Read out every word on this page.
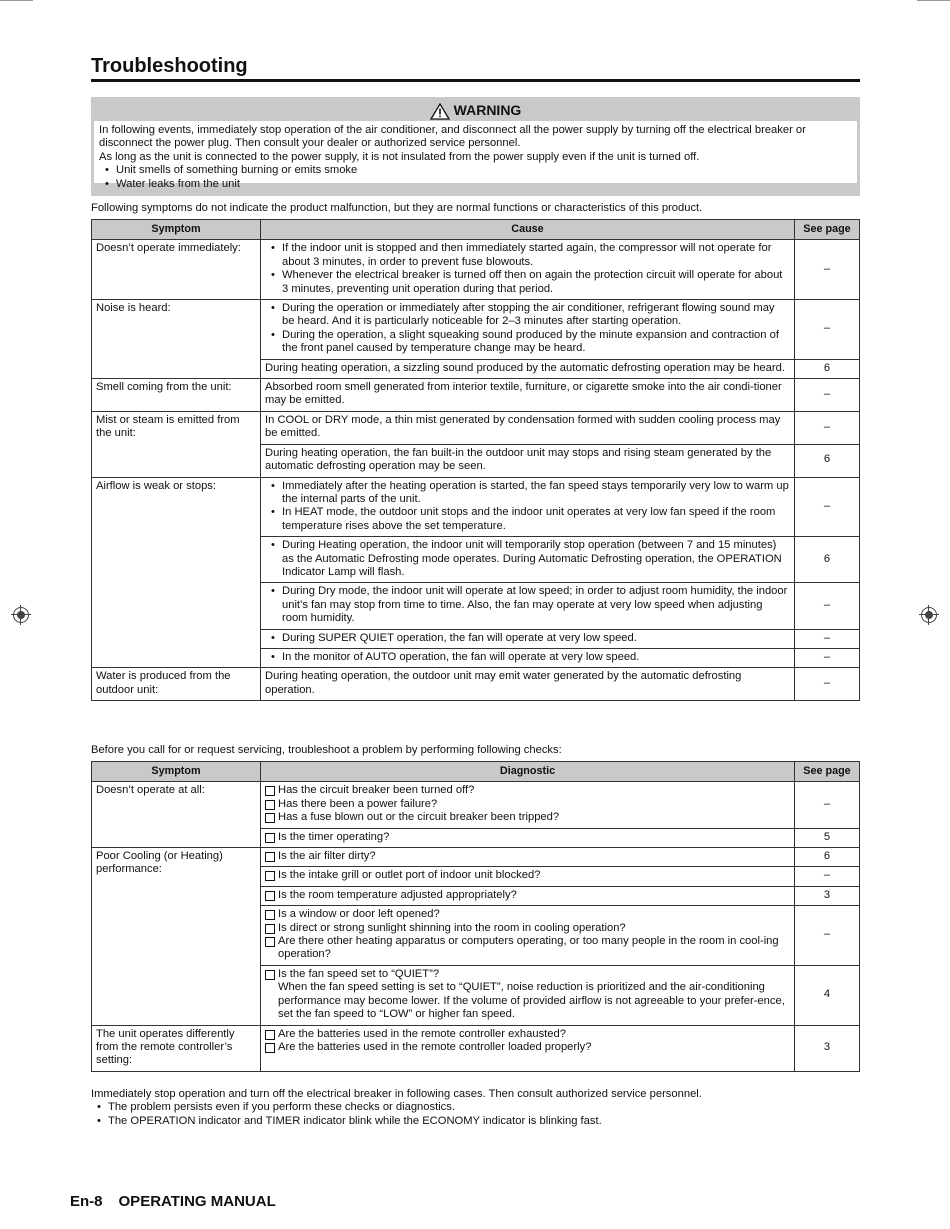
Troubleshooting
WARNING
In following events, immediately stop operation of the air conditioner, and disconnect all the power supply by turning off the electrical breaker or disconnect the power plug. Then consult your dealer or authorized service personnel.
As long as the unit is connected to the power supply, it is not insulated from the power supply even if the unit is turned off.
• Unit smells of something burning or emits smoke
• Water leaks from the unit
Following symptoms do not indicate the product malfunction, but they are normal functions or characteristics of this product.
Symptom	Cause	See page
Doesn’t operate immediately:	• If the indoor unit is stopped and then immediately started again, the compressor will not operate for about 3 minutes, in order to prevent fuse blowouts.
• Whenever the electrical breaker is turned off then on again the protection circuit will operate for about 3 minutes, preventing unit operation during that period.	–
Noise is heard:	• During the operation or immediately after stopping the air conditioner, refrigerant flowing sound may be heard. And it is particularly noticeable for 2–3 minutes after starting operation.
• During the operation, a slight squeaking sound produced by the minute expansion and contraction of the front panel caused by temperature change may be heard.	–

	During heating operation, a sizzling sound produced by the automatic defrosting operation may be heard.	6
Smell coming from the unit:	Absorbed room smell generated from interior textile, furniture, or cigarette smoke into the air condi-tioner may be emitted.	–
Mist or steam is emitted from the unit:	In COOL or DRY mode, a thin mist generated by condensation formed with sudden cooling process may be emitted.	–

	During heating operation, the fan built-in the outdoor unit may stops and rising steam generated by the automatic defrosting operation may be seen.	6
Airflow is weak or stops:	• Immediately after the heating operation is started, the fan speed stays temporarily very low to warm up the internal parts of the unit.
• In HEAT mode, the outdoor unit stops and the indoor unit operates at very low fan speed if the room temperature rises above the set temperature.	–

	• During Heating operation, the indoor unit will temporarily stop operation (between 7 and 15 minutes) as the Automatic Defrosting mode operates. During Automatic Defrosting operation, the OPERATION Indicator Lamp will flash.	6

	• During Dry mode, the indoor unit will operate at low speed; in order to adjust room humidity, the indoor unit’s fan may stop from time to time. Also, the fan may operate at very low speed when adjusting room humidity.	–

	• During SUPER QUIET operation, the fan will operate at very low speed.	–

	• In the monitor of AUTO operation, the fan will operate at very low speed.	–
Water is produced from the outdoor unit:	During heating operation, the outdoor unit may emit water generated by the automatic defrosting operation.	–
Before you call for or request servicing, troubleshoot a problem by performing following checks:
Symptom	Diagnostic	See page
Doesn’t operate at all:	Has the circuit breaker been turned off?
Has there been a power failure?
Has a fuse blown out or the circuit breaker been tripped?	–

	Is the timer operating?	5
Poor Cooling (or Heating) performance:	Is the air filter dirty?	6

	Is the intake grill or outlet port of indoor unit blocked?	–

	Is the room temperature adjusted appropriately?	3

	Is a window or door left opened?
Is direct or strong sunlight shinning into the room in cooling operation?
Are there other heating apparatus or computers operating, or too many people in the room in cool-ing operation?	–

	Is the fan speed set to “QUIET”?
When the fan speed setting is set to “QUIET”, noise reduction is prioritized and the air-conditioning performance may become lower. If the volume of provided airflow is not agreeable to your prefer-ence, set the fan speed to “LOW” or higher fan speed.	4
The unit operates differently from the remote controller’s setting:	Are the batteries used in the remote controller exhausted?
Are the batteries used in the remote controller loaded properly?	3
Immediately stop operation and turn off the electrical breaker in following cases. Then consult authorized service personnel.
• The problem persists even if you perform these checks or diagnostics.
• The OPERATION indicator and TIMER indicator blink while the ECONOMY indicator is blinking fast.
En-8 OPERATING MANUAL
